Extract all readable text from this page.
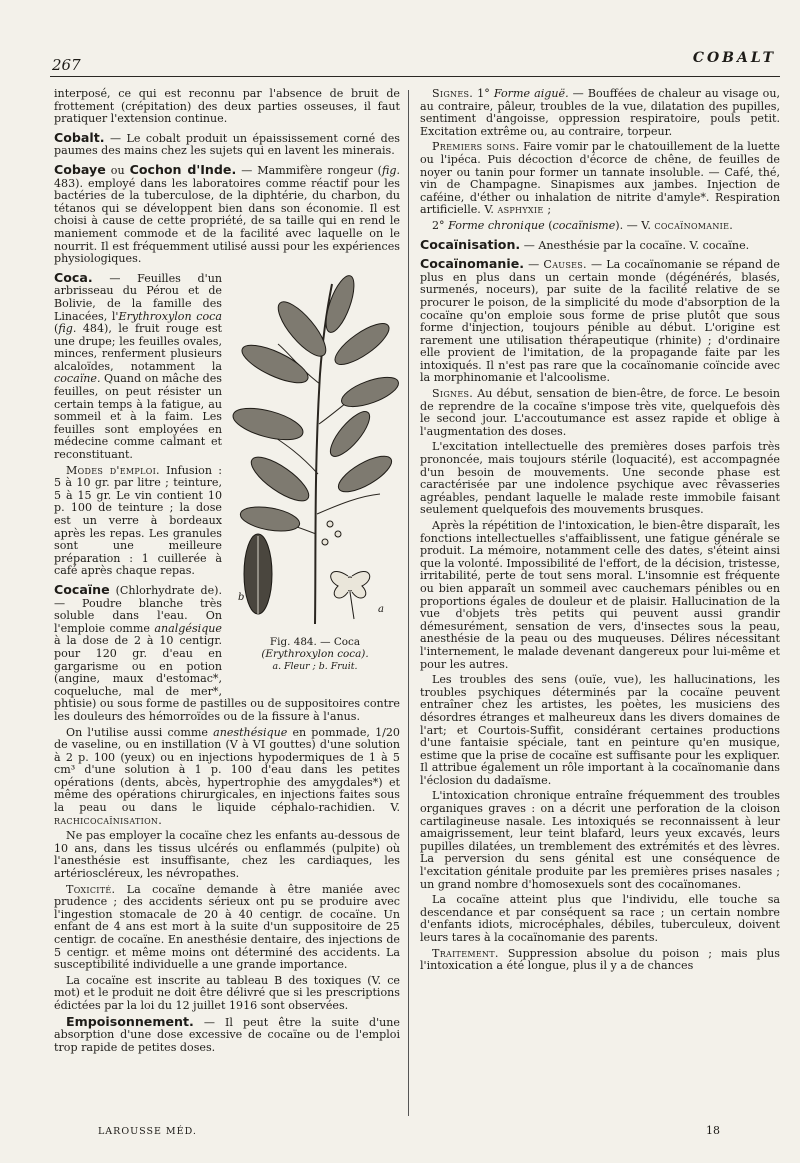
267	COBALT

interposé, ce qui est reconnu par l'absence de bruit de frottement (crépitation) des deux parties osseuses, il faut pratiquer l'extension continue.

Cobalt. — Le cobalt produit un épaississement corné des paumes des mains chez les sujets qui en lavent les minerais.

Cobaye ou Cochon d'Inde. — Mammifère rongeur (fig. 483). employé dans les laboratoires comme réactif pour les bactéries de la tuberculose, de la diphtérie, du charbon, du tétanos qui se développent bien dans son économie. Il est choisi à cause de cette propriété, de sa taille qui en rend le maniement commode et de la facilité avec laquelle on le nourrit. Il est fréquemment utilisé aussi pour les expériences physiologiques.

b
a
Fig. 484. — Coca
(Erythroxylon coca).
a. Fleur ; b. Fruit.
Coca. — Feuilles d'un arbrisseau du Pérou et de Bolivie, de la famille des Linacées, l'Erythroxylon coca (fig. 484), le fruit rouge est une drupe; les feuilles ovales, minces, renferment plusieurs alcaloïdes, notamment la cocaïne. Quand on mâche des feuilles, on peut résister un certain temps à la fatigue, au sommeil et à la faim. Les feuilles sont employées en médecine comme calmant et reconstituant.

Modes d'emploi. Infusion : 5 à 10 gr. par litre ; teinture, 5 à 15 gr. Le vin contient 10 p. 100 de teinture ; la dose est un verre à bordeaux après les repas. Les granules sont une meilleure préparation : 1 cuillerée à café après chaque repas.

Cocaïne (Chlorhydrate de). — Poudre blanche très soluble dans l'eau. On l'emploie comme analgésique à la dose de 2 à 10 centigr. pour 120 gr. d'eau en gargarisme ou en potion (angine, maux d'estomac*, coqueluche, mal de mer*, phtisie) ou sous forme de pastilles ou de suppositoires contre les douleurs des hémorroïdes ou de la fissure à l'anus.

On l'utilise aussi comme anesthésique en pommade, 1/20 de vaseline, ou en instillation (V à VI gouttes) d'une solution à 2 p. 100 (yeux) ou en injections hypodermiques de 1 à 5 cm³ d'une solution à 1 p. 100 d'eau dans les petites opérations (dents, abcès, hypertrophie des amygdales*) et même des opérations chirurgicales, en injections faites sous la peau ou dans le liquide céphalo-rachidien. V. rachicocaïnisation.

Ne pas employer la cocaïne chez les enfants au-dessous de 10 ans, dans les tissus ulcérés ou enflammés (pulpite) où l'anesthésie est insuffisante, chez les cardiaques, les artérioscléreux, les névropathes.

Toxicité. La cocaïne demande à être maniée avec prudence ; des accidents sérieux ont pu se produire avec l'ingestion stomacale de 20 à 40 centigr. de cocaïne. Un enfant de 4 ans est mort à la suite d'un suppositoire de 25 centigr. de cocaïne. En anesthésie dentaire, des injections de 5 centigr. et même moins ont déterminé des accidents. La susceptibilité individuelle a une grande importance.

La cocaïne est inscrite au tableau B des toxiques (V. ce mot) et le produit ne doit être délivré que si les prescriptions édictées par la loi du 12 juillet 1916 sont observées.

Empoisonnement. — Il peut être la suite d'une absorption d'une dose excessive de cocaïne ou de l'emploi trop rapide de petites doses.

Signes. 1° Forme aiguë. — Bouffées de chaleur au visage ou, au contraire, pâleur, troubles de la vue, dilatation des pupilles, sentiment d'angoisse, oppression respiratoire, pouls petit. Excitation extrême ou, au contraire, torpeur.

Premiers soins. Faire vomir par le chatouillement de la luette ou l'ipéca. Puis décoction d'écorce de chêne, de feuilles de noyer ou tanin pour former un tannate insoluble. — Café, thé, vin de Champagne. Sinapismes aux jambes. Injection de caféine, d'éther ou inhalation de nitrite d'amyle*. Respiration artificielle. V. asphyxie ;

2° Forme chronique (cocaïnisme). — V. cocaïnomanie.

Cocaïnisation. — Anesthésie par la cocaïne. V. cocaïne.

Cocaïnomanie. — Causes. — La cocaïnomanie se répand de plus en plus dans un certain monde (dégénérés, blasés, surmenés, noceurs), par suite de la facilité relative de se procurer le poison, de la simplicité du mode d'absorption de la cocaïne qu'on emploie sous forme de prise plutôt que sous forme d'injection, toujours pénible au début. L'origine est rarement une utilisation thérapeutique (rhinite) ; d'ordinaire elle provient de l'imitation, de la propagande faite par les intoxiqués. Il n'est pas rare que la cocaïnomanie coïncide avec la morphinomanie et l'alcoolisme.

Signes. Au début, sensation de bien-être, de force. Le besoin de reprendre de la cocaïne s'impose très vite, quelquefois dès le second jour. L'accoutumance est assez rapide et oblige à l'augmentation des doses.

L'excitation intellectuelle des premières doses parfois très prononcée, mais toujours stérile (loquacité), est accompagnée d'un besoin de mouvements. Une seconde phase est caractérisée par une indolence psychique avec rêvasseries agréables, pendant laquelle le malade reste immobile faisant seulement quelquefois des mouvements brusques.

Après la répétition de l'intoxication, le bien-être disparaît, les fonctions intellectuelles s'affaiblissent, une fatigue générale se produit. La mémoire, notamment celle des dates, s'éteint ainsi que la volonté. Impossibilité de l'effort, de la décision, tristesse, irritabilité, perte de tout sens moral. L'insomnie est fréquente ou bien apparaît un sommeil avec cauchemars pénibles ou en proportions égales de douleur et de plaisir. Hallucination de la vue d'objets très petits qui peuvent aussi grandir démesurément, sensation de vers, d'insectes sous la peau, anesthésie de la peau ou des muqueuses. Délires nécessitant l'internement, le malade devenant dangereux pour lui-même et pour les autres.

Les troubles des sens (ouïe, vue), les hallucinations, les troubles psychiques déterminés par la cocaïne peuvent entraîner chez les artistes, les poètes, les musiciens des désordres étranges et malheureux dans les divers domaines de l'art; et Courtois-Suffit, considérant certaines productions d'une fantaisie spéciale, tant en peinture qu'en musique, estime que la prise de cocaïne est suffisante pour les expliquer. Il attribue également un rôle important à la cocaïnomanie dans l'éclosion du dadaïsme.

L'intoxication chronique entraîne fréquemment des troubles organiques graves : on a décrit une perforation de la cloison cartilagineuse nasale. Les intoxiqués se reconnaissent à leur amaigrissement, leur teint blafard, leurs yeux excavés, leurs pupilles dilatées, un tremblement des extrémités et des lèvres. La perversion du sens génital est une conséquence de l'excitation génitale produite par les premières prises nasales ; un grand nombre d'homosexuels sont des cocaïnomanes.

La cocaïne atteint plus que l'individu, elle touche sa descendance et par conséquent sa race ; un certain nombre d'enfants idiots, microcéphales, débiles, tuberculeux, doivent leurs tares à la cocaïnomanie des parents.

Traitement. Suppression absolue du poison ; mais plus l'intoxication a été longue, plus il y a de chances

LAROUSSE MÉD.	18
